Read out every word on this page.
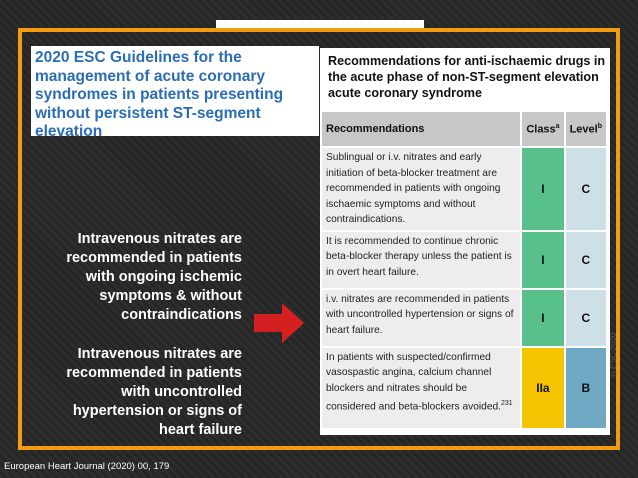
2020 ESC Guidelines for the management of acute coronary syndromes in patients presenting without persistent ST-segment elevation
Intravenous nitrates are recommended in patients with ongoing ischemic symptoms & without contraindications
Intravenous nitrates are recommended in patients with uncontrolled hypertension or signs of heart failure
Recommendations for anti-ischaemic drugs in the acute phase of non-ST-segment elevation acute coronary syndrome
Recommendations	Class$^a$	Level$^b$
Sublingual or i.v. nitrates and early initiation of beta-blocker treatment are recommended in patients with ongoing ischaemic symptoms and without contraindications.	I	C
It is recommended to continue chronic beta-blocker therapy unless the patient is in overt heart failure.	I	C
i.v. nitrates are recommended in patients with uncontrolled hypertension or signs of heart failure.	I	C
In patients with suspected/confirmed vasospastic angina, calcium channel blockers and nitrates should be considered and beta-blockers avoided.$^{231}$	IIa	B
©ESC 2020
European Heart Journal (2020) 00, 179
